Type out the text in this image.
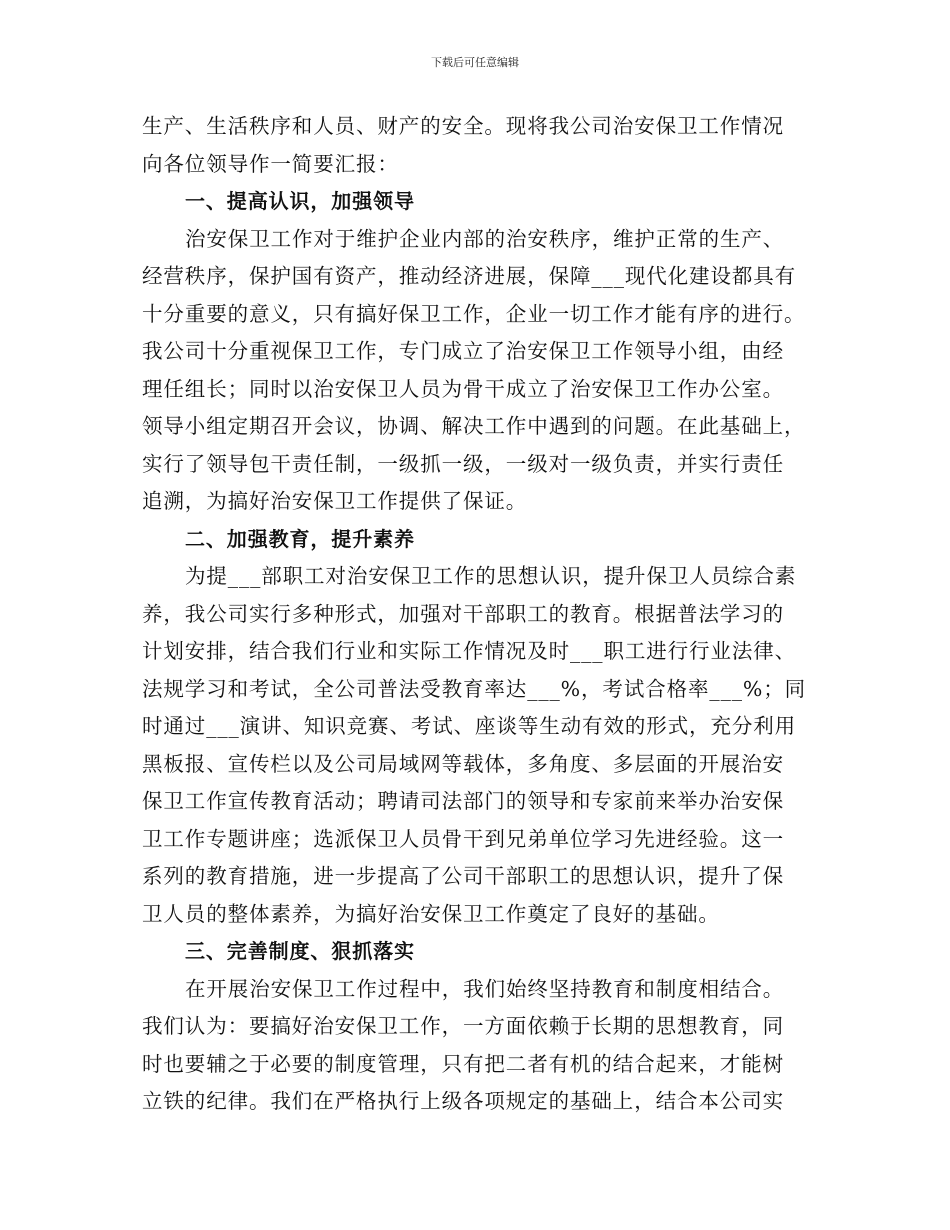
下载后可任意编辑
生产、生活秩序和人员、财产的安全。现将我公司治安保卫工作情况
向各位领导作一简要汇报：
一、提高认识，加强领导
治安保卫工作对于维护企业内部的治安秩序，维护正常的生产、
经营秩序，保护国有资产，推动经济进展，保障___现代化建设都具有
十分重要的意义，只有搞好保卫工作，企业一切工作才能有序的进行。
我公司十分重视保卫工作，专门成立了治安保卫工作领导小组，由经
理任组长；同时以治安保卫人员为骨干成立了治安保卫工作办公室。
领导小组定期召开会议，协调、解决工作中遇到的问题。在此基础上，
实行了领导包干责任制，一级抓一级，一级对一级负责，并实行责任
追溯，为搞好治安保卫工作提供了保证。
二、加强教育，提升素养
为提___部职工对治安保卫工作的思想认识，提升保卫人员综合素
养，我公司实行多种形式，加强对干部职工的教育。根据普法学习的
计划安排，结合我们行业和实际工作情况及时___职工进行行业法律、
法规学习和考试，全公司普法受教育率达___%，考试合格率___%；同
时通过___演讲、知识竞赛、考试、座谈等生动有效的形式，充分利用
黑板报、宣传栏以及公司局域网等载体，多角度、多层面的开展治安
保卫工作宣传教育活动；聘请司法部门的领导和专家前来举办治安保
卫工作专题讲座；选派保卫人员骨干到兄弟单位学习先进经验。这一
系列的教育措施，进一步提高了公司干部职工的思想认识，提升了保
卫人员的整体素养，为搞好治安保卫工作奠定了良好的基础。
三、完善制度、狠抓落实
在开展治安保卫工作过程中，我们始终坚持教育和制度相结合。
我们认为：要搞好治安保卫工作，一方面依赖于长期的思想教育，同
时也要辅之于必要的制度管理，只有把二者有机的结合起来，才能树
立铁的纪律。我们在严格执行上级各项规定的基础上，结合本公司实
